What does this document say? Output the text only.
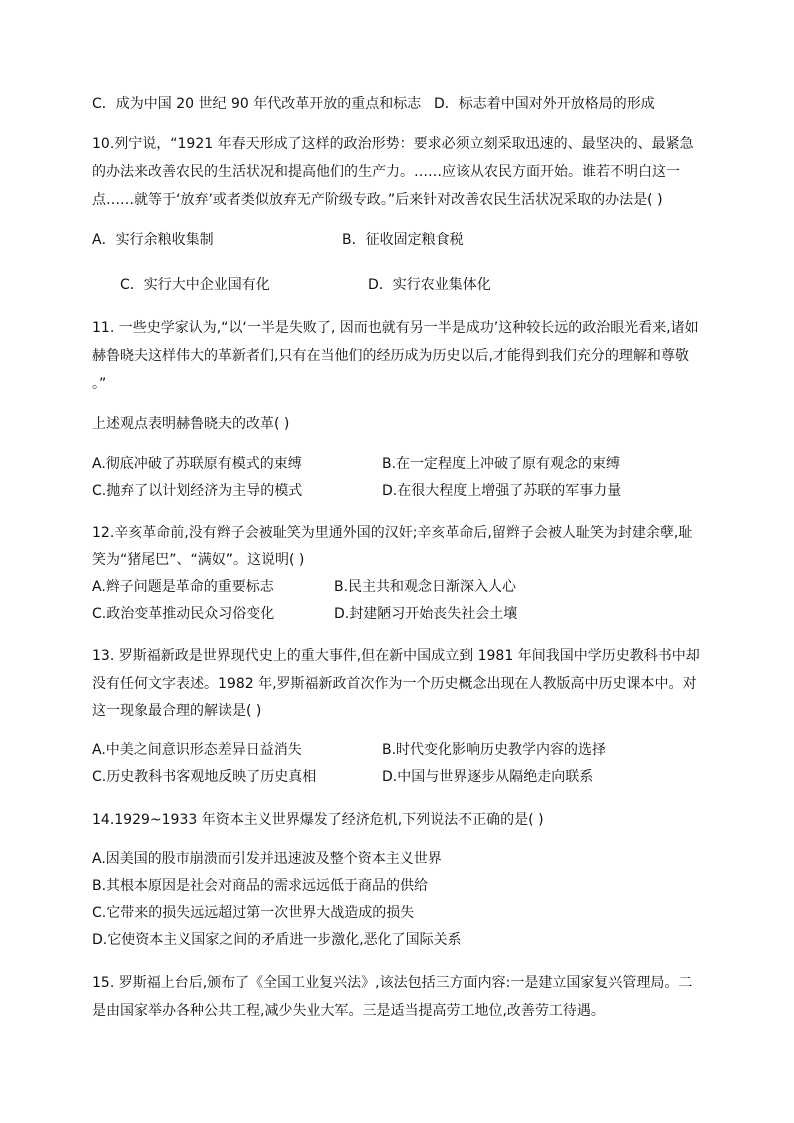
C．成为中国 20 世纪 90 年代改革开放的重点和标志 D．标志着中国对外开放格局的形成
10.列宁说，“1921 年春天形成了这样的政治形势：要求必须立刻采取迅速的、最坚决的、最紧急
的办法来改善农民的生活状况和提高他们的生产力。……应该从农民方面开始。谁若不明白这一
点……就等于‘放弃’或者类似放弃无产阶级专政。”后来针对改善农民生活状况采取的办法是( )
A．实行余粮收集制	B．征收固定粮食税
C．实行大中企业国有化	D．实行农业集体化
11. 一些史学家认为,“以‘一半是失败了, 因而也就有另一半是成功’这种较长远的政治眼光看来,诸如
赫鲁晓夫这样伟大的革新者们,只有在当他们的经历成为历史以后,才能得到我们充分的理解和尊敬
。”
上述观点表明赫鲁晓夫的改革( )
A.彻底冲破了苏联原有模式的束缚	B.在一定程度上冲破了原有观念的束缚
C.抛弃了以计划经济为主导的模式	D.在很大程度上增强了苏联的军事力量
12.辛亥革命前,没有辫子会被耻笑为里通外国的汉奸;辛亥革命后,留辫子会被人耻笑为封建余孽,耻
笑为“猪尾巴”、“满奴”。这说明( )
A.辫子问题是革命的重要标志	B.民主共和观念日渐深入人心
C.政治变革推动民众习俗变化	D.封建陋习开始丧失社会土壤
13. 罗斯福新政是世界现代史上的重大事件,但在新中国成立到 1981 年间我国中学历史教科书中却
没有任何文字表述。1982 年,罗斯福新政首次作为一个历史概念出现在人教版高中历史课本中。对
这一现象最合理的解读是( )
A.中美之间意识形态差异日益消失	B.时代变化影响历史教学内容的选择
C.历史教科书客观地反映了历史真相	D.中国与世界逐步从隔绝走向联系
14.1929~1933 年资本主义世界爆发了经济危机,下列说法不正确的是( )
A.因美国的股市崩溃而引发并迅速波及整个资本主义世界
B.其根本原因是社会对商品的需求远远低于商品的供给
C.它带来的损失远远超过第一次世界大战造成的损失
D.它使资本主义国家之间的矛盾进一步激化,恶化了国际关系
15. 罗斯福上台后,颁布了《全国工业复兴法》,该法包括三方面内容:一是建立国家复兴管理局。二
是由国家举办各种公共工程,减少失业大军。三是适当提高劳工地位,改善劳工待遇。
